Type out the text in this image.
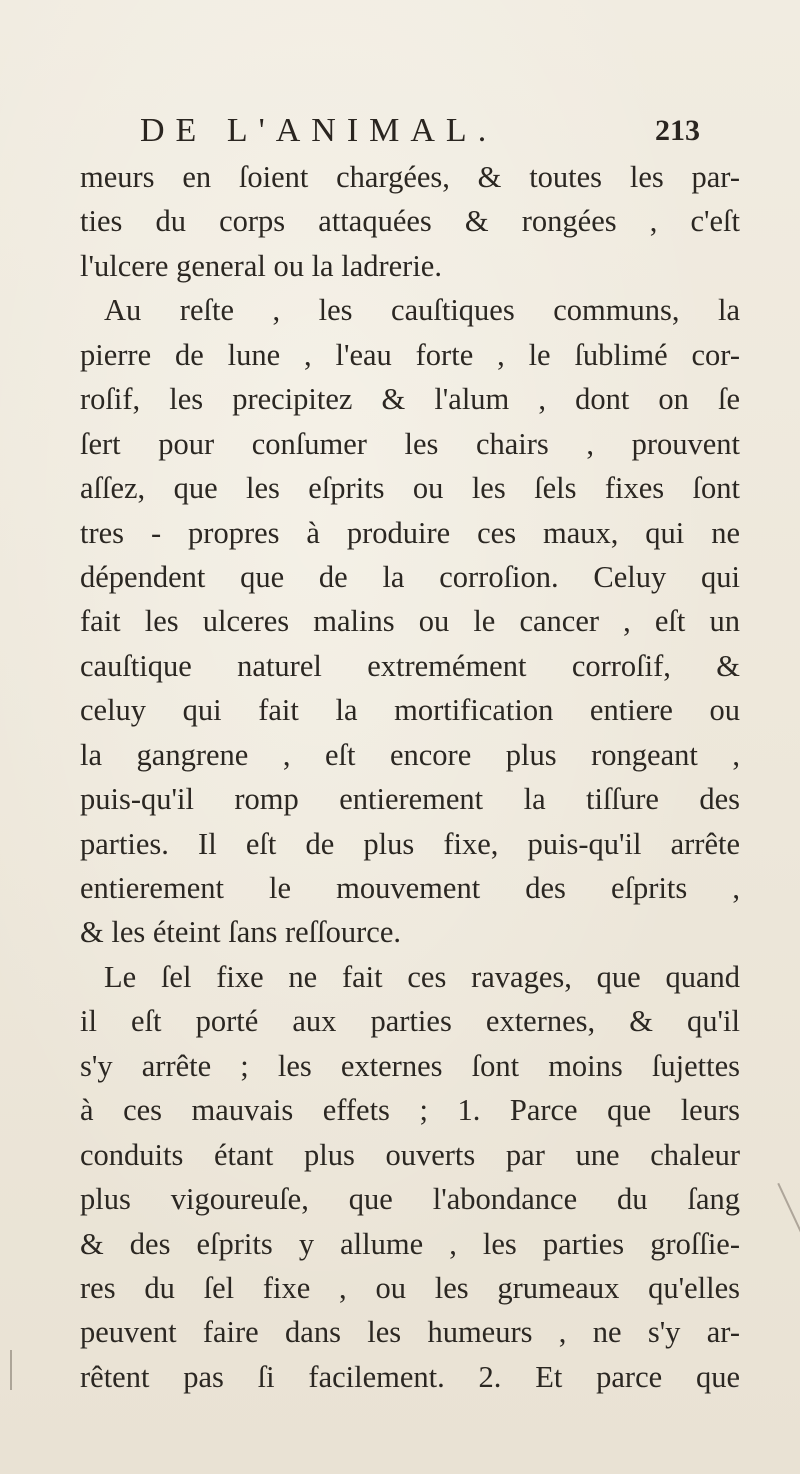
DE L'ANIMAL.	213
meurs en ſoient chargées, & toutes les par-
ties du corps attaquées & rongées , c'eſt
l'ulcere general ou la ladrerie.
Au reſte , les cauſtiques communs, la
pierre de lune , l'eau forte , le ſublimé cor-
roſif, les precipitez & l'alum , dont on ſe
ſert pour conſumer les chairs , prouvent
aſſez, que les eſprits ou les ſels fixes ſont
tres - propres à produire ces maux, qui ne
dépendent que de la corroſion. Celuy qui
fait les ulceres malins ou le cancer , eſt un
cauſtique naturel extremément corroſif, &
celuy qui fait la mortification entiere ou
la gangrene , eſt encore plus rongeant ,
puis-qu'il romp entierement la tiſſure des
parties. Il eſt de plus fixe, puis-qu'il arrête
entierement le mouvement des eſprits ,
& les éteint ſans reſſource.
Le ſel fixe ne fait ces ravages, que quand
il eſt porté aux parties externes, & qu'il
s'y arrête ; les externes ſont moins ſujettes
à ces mauvais effets ; 1. Parce que leurs
conduits étant plus ouverts par une chaleur
plus vigoureuſe, que l'abondance du ſang
& des eſprits y allume , les parties groſſie-
res du ſel fixe , ou les grumeaux qu'elles
peuvent faire dans les humeurs , ne s'y ar-
rêtent pas ſi facilement. 2. Et parce que
